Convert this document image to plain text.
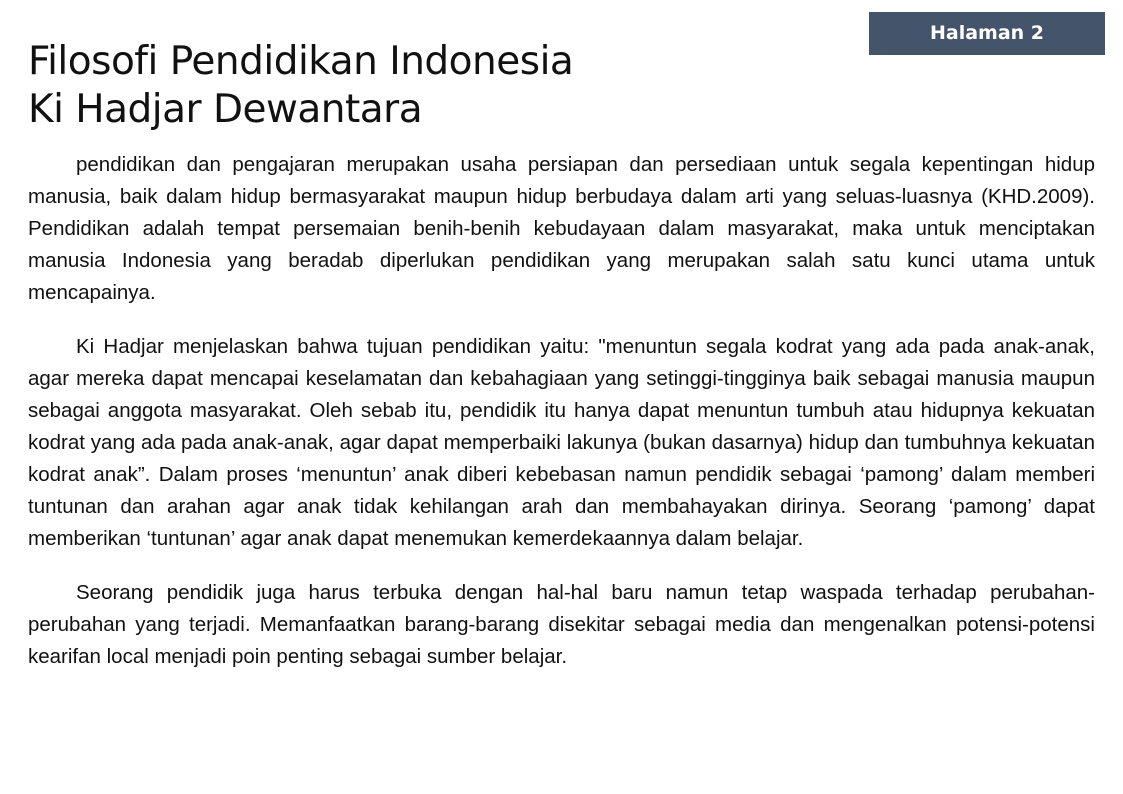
Filosofi Pendidikan Indonesia
Ki Hadjar Dewantara
Halaman 2

pendidikan dan pengajaran merupakan usaha persiapan dan persediaan untuk segala kepentingan hidup manusia, baik dalam hidup bermasyarakat maupun hidup berbudaya dalam arti yang seluas-luasnya (KHD.2009). Pendidikan adalah tempat persemaian benih-benih kebudayaan dalam masyarakat, maka untuk menciptakan manusia Indonesia yang beradab diperlukan pendidikan yang merupakan salah satu kunci utama untuk mencapainya.

Ki Hadjar menjelaskan bahwa tujuan pendidikan yaitu: "menuntun segala kodrat yang ada pada anak-anak, agar mereka dapat mencapai keselamatan dan kebahagiaan yang setinggi-tingginya baik sebagai manusia maupun sebagai anggota masyarakat. Oleh sebab itu, pendidik itu hanya dapat menuntun tumbuh atau hidupnya kekuatan kodrat yang ada pada anak-anak, agar dapat memperbaiki lakunya (bukan dasarnya) hidup dan tumbuhnya kekuatan kodrat anak”. Dalam proses ‘menuntun’ anak diberi kebebasan namun pendidik sebagai ‘pamong’ dalam memberi tuntunan dan arahan agar anak tidak kehilangan arah dan membahayakan dirinya. Seorang ‘pamong’ dapat memberikan ‘tuntunan’ agar anak dapat menemukan kemerdekaannya dalam belajar.

Seorang pendidik juga harus terbuka dengan hal-hal baru namun tetap waspada terhadap perubahan-perubahan yang terjadi. Memanfaatkan barang-barang disekitar sebagai media dan mengenalkan potensi-potensi kearifan local menjadi poin penting sebagai sumber belajar.
